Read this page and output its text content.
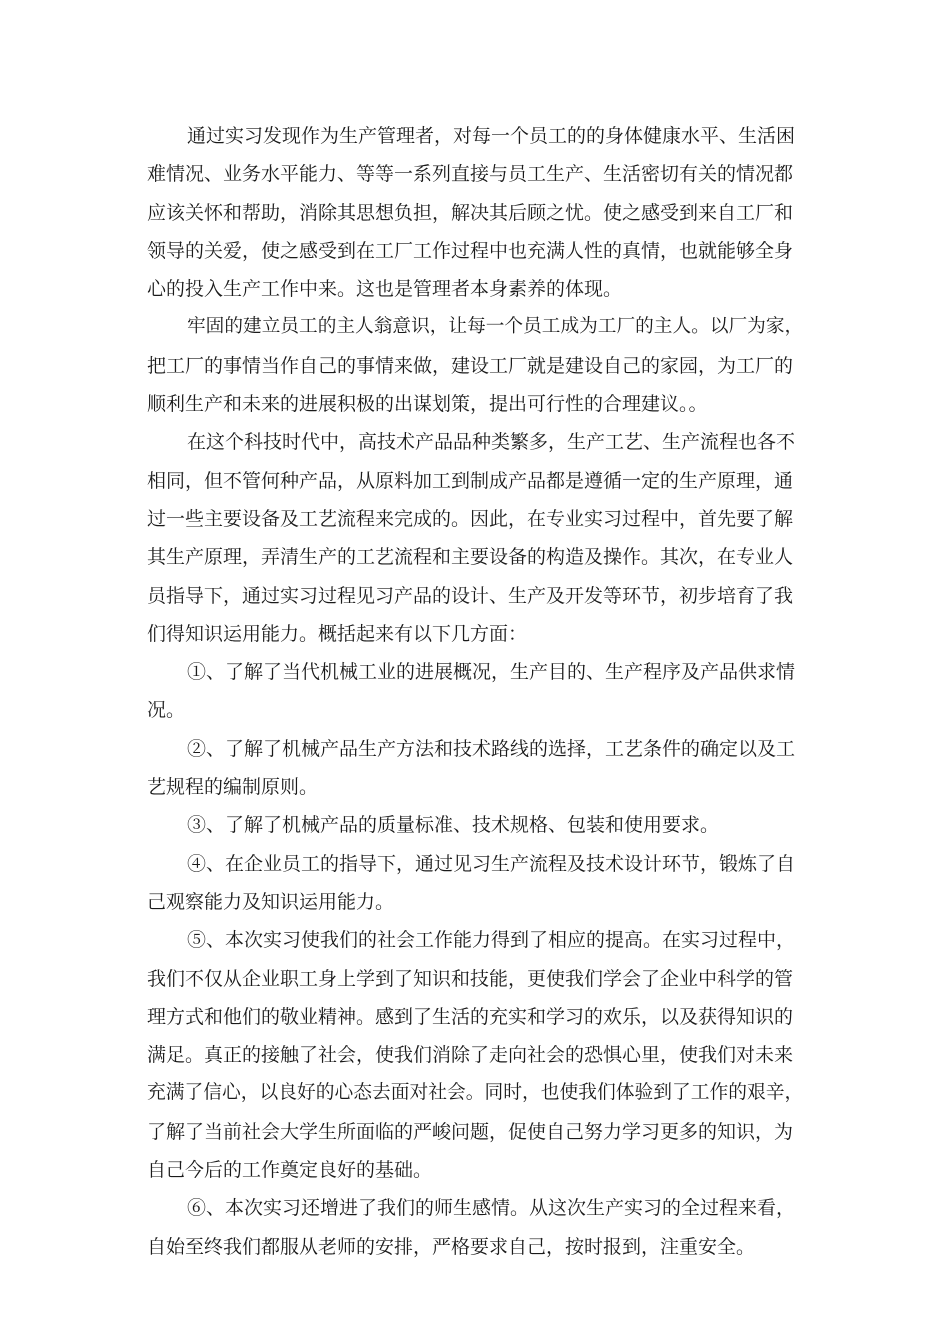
通过实习发现作为生产管理者，对每一个员工的的身体健康水平、生活困
难情况、业务水平能力、等等一系列直接与员工生产、生活密切有关的情况都
应该关怀和帮助，消除其思想负担，解决其后顾之忧。使之感受到来自工厂和
领导的关爱，使之感受到在工厂工作过程中也充满人性的真情，也就能够全身
心的投入生产工作中来。这也是管理者本身素养的体现。
牢固的建立员工的主人翁意识，让每一个员工成为工厂的主人。以厂为家，
把工厂的事情当作自己的事情来做，建设工厂就是建设自己的家园，为工厂的
顺利生产和未来的进展积极的出谋划策，提出可行性的合理建议。。
在这个科技时代中，高技术产品品种类繁多，生产工艺、生产流程也各不
相同，但不管何种产品，从原料加工到制成产品都是遵循一定的生产原理，通
过一些主要设备及工艺流程来完成的。因此，在专业实习过程中，首先要了解
其生产原理，弄清生产的工艺流程和主要设备的构造及操作。其次，在专业人
员指导下，通过实习过程见习产品的设计、生产及开发等环节，初步培育了我
们得知识运用能力。概括起来有以下几方面：
①、了解了当代机械工业的进展概况，生产目的、生产程序及产品供求情
况。
②、了解了机械产品生产方法和技术路线的选择，工艺条件的确定以及工
艺规程的编制原则。
③、了解了机械产品的质量标准、技术规格、包装和使用要求。
④、在企业员工的指导下，通过见习生产流程及技术设计环节，锻炼了自
己观察能力及知识运用能力。
⑤、本次实习使我们的社会工作能力得到了相应的提高。在实习过程中，
我们不仅从企业职工身上学到了知识和技能，更使我们学会了企业中科学的管
理方式和他们的敬业精神。感到了生活的充实和学习的欢乐，以及获得知识的
满足。真正的接触了社会，使我们消除了走向社会的恐惧心里，使我们对未来
充满了信心，以良好的心态去面对社会。同时，也使我们体验到了工作的艰辛，
了解了当前社会大学生所面临的严峻问题，促使自己努力学习更多的知识，为
自己今后的工作奠定良好的基础。
⑥、本次实习还增进了我们的师生感情。从这次生产实习的全过程来看，
自始至终我们都服从老师的安排，严格要求自己，按时报到，注重安全。
